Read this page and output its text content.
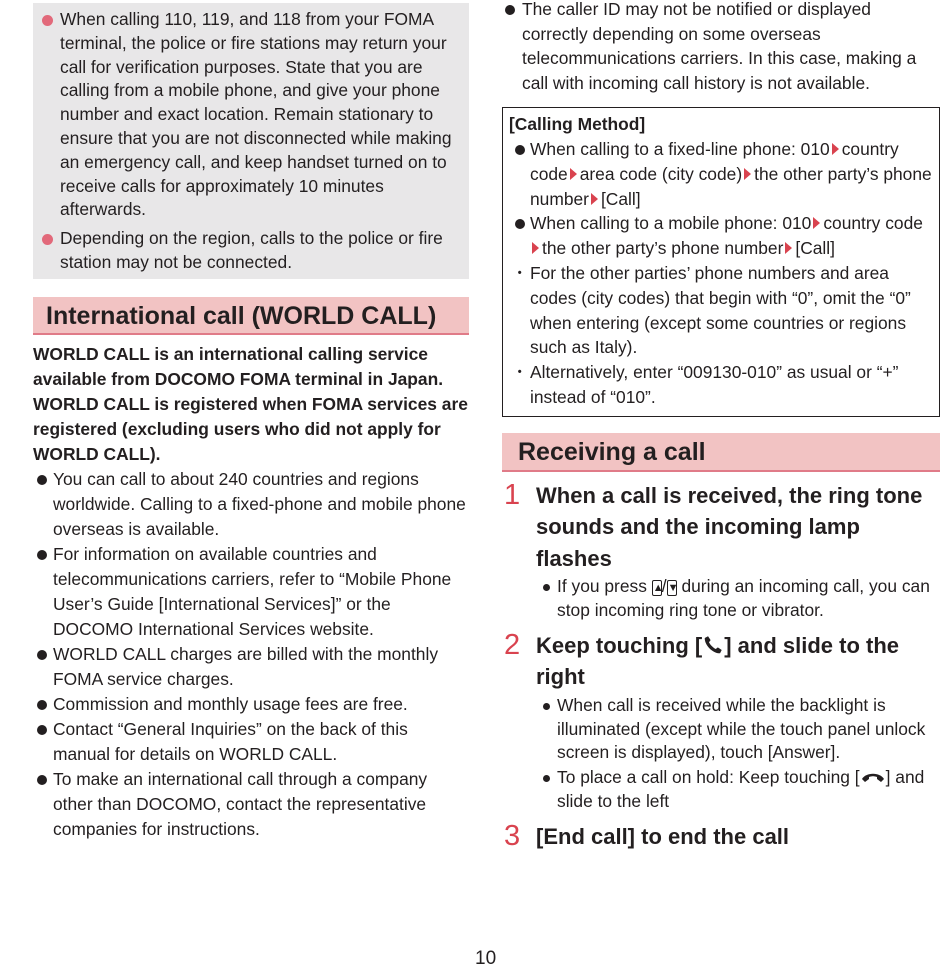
When calling 110, 119, and 118 from your FOMA terminal, the police or fire stations may return your call for verification purposes. State that you are calling from a mobile phone, and give your phone number and exact location. Remain stationary to ensure that you are not disconnected while making an emergency call, and keep handset turned on to receive calls for approximately 10 minutes afterwards.
Depending on the region, calls to the police or fire station may not be connected.
International call (WORLD CALL)
WORLD CALL is an international calling service available from DOCOMO FOMA terminal in Japan.
WORLD CALL is registered when FOMA services are registered (excluding users who did not apply for WORLD CALL).
You can call to about 240 countries and regions worldwide. Calling to a fixed-phone and mobile phone overseas is available.
For information on available countries and telecommunications carriers, refer to “Mobile Phone User’s Guide [International Services]” or the DOCOMO International Services website.
WORLD CALL charges are billed with the monthly FOMA service charges.
Commission and monthly usage fees are free.
Contact “General Inquiries” on the back of this manual for details on WORLD CALL.
To make an international call through a company other than DOCOMO, contact the representative companies for instructions.
The caller ID may not be notified or displayed correctly depending on some overseas telecommunications carriers. In this case, making a call with incoming call history is not available.
[Calling Method]
When calling to a fixed-line phone: 010 country code area code (city code) the other party’s phone number [Call]
When calling to a mobile phone: 010 country codethe other party’s phone number [Call]
・ For the other parties’ phone numbers and area codes (city codes) that begin with “0”, omit the “0” when entering (except some countries or regions such as Italy).
・ Alternatively, enter “009130-010” as usual or “+” instead of “010”.
Receiving a call
1 When a call is received, the ring tone sounds and the incoming lamp flashes
If you press ▲/▼ during an incoming call, you can stop incoming ring tone or vibrator.
2 Keep touching [ ] and slide to the right
When call is received while the backlight is illuminated (except while the touch panel unlock screen is displayed), touch [Answer].
To place a call on hold: Keep touching [ ] and slide to the left
3 [End call] to end the call
10
